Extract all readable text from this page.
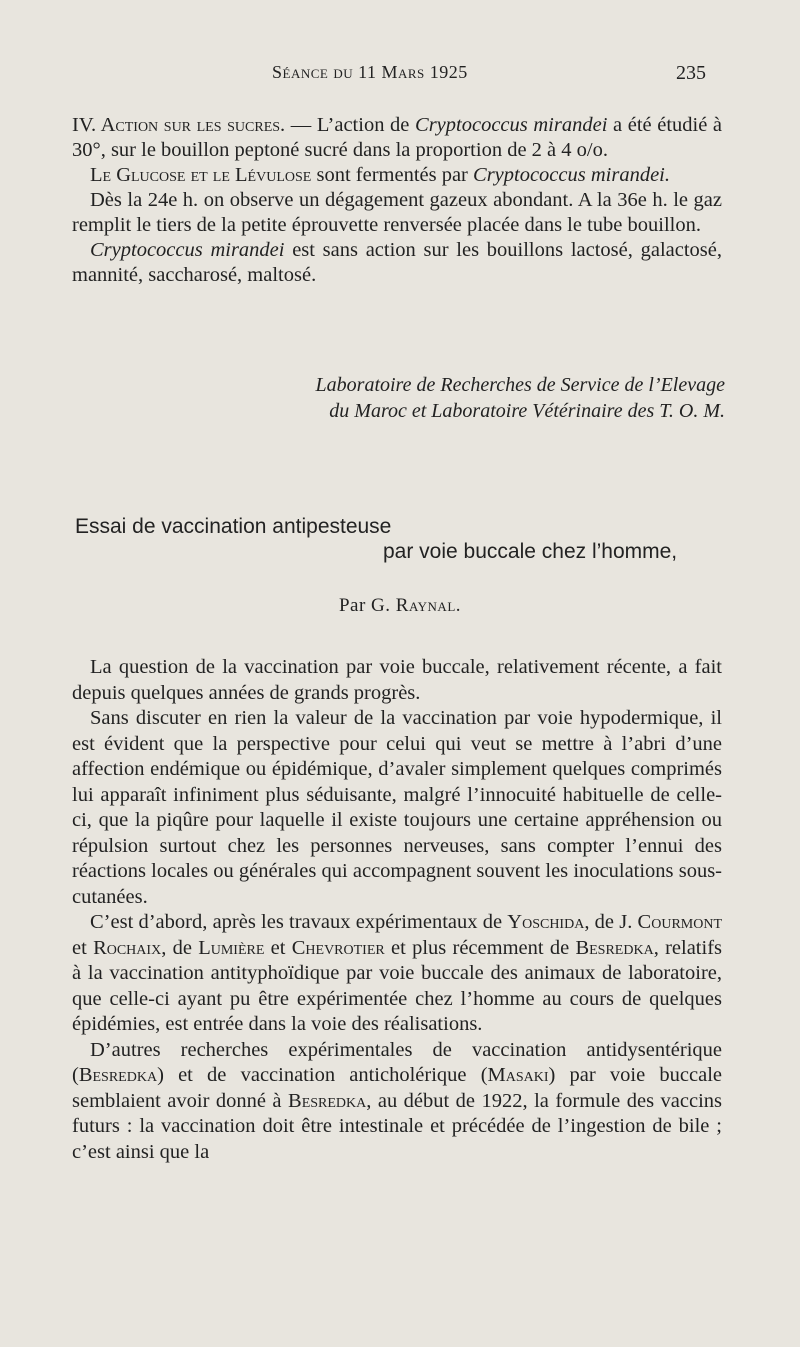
Séance du 11 Mars 1925	235

IV. Action sur les sucres. — L’action de Cryptococcus mirandei a été étudié à 30°, sur le bouillon peptoné sucré dans la proportion de 2 à 4 o/o.

Le Glucose et le Lévulose sont fermentés par Cryptococcus mirandei.

Dès la 24e h. on observe un dégagement gazeux abondant. A la 36e h. le gaz remplit le tiers de la petite éprouvette renversée placée dans le tube bouillon.

Cryptococcus mirandei est sans action sur les bouillons lactosé, galactosé, mannité, saccharosé, maltosé.

Laboratoire de Recherches de Service de l’Elevage
du Maroc et Laboratoire Vétérinaire des T. O. M.
Essai de vaccination antipesteuse
par voie buccale chez l’homme,
Par G. Raynal.

La question de la vaccination par voie buccale, relativement récente, a fait depuis quelques années de grands progrès.

Sans discuter en rien la valeur de la vaccination par voie hypodermique, il est évident que la perspective pour celui qui veut se mettre à l’abri d’une affection endémique ou épidémique, d’avaler simplement quelques comprimés lui apparaît infiniment plus séduisante, malgré l’innocuité habituelle de celle-ci, que la piqûre pour laquelle il existe toujours une certaine appréhension ou répulsion surtout chez les personnes nerveuses, sans compter l’ennui des réactions locales ou générales qui accompagnent souvent les inoculations sous-cutanées.

C’est d’abord, après les travaux expérimentaux de Yoschida, de J. Courmont et Rochaix, de Lumière et Chevrotier et plus récemment de Besredka, relatifs à la vaccination antityphoïdique par voie buccale des animaux de laboratoire, que celle-ci ayant pu être expérimentée chez l’homme au cours de quelques épidémies, est entrée dans la voie des réalisations.

D’autres recherches expérimentales de vaccination antidysentérique (Besredka) et de vaccination anticholérique (Masaki) par voie buccale semblaient avoir donné à Besredka, au début de 1922, la formule des vaccins futurs : la vaccination doit être intestinale et précédée de l’ingestion de bile ; c’est ainsi que la
